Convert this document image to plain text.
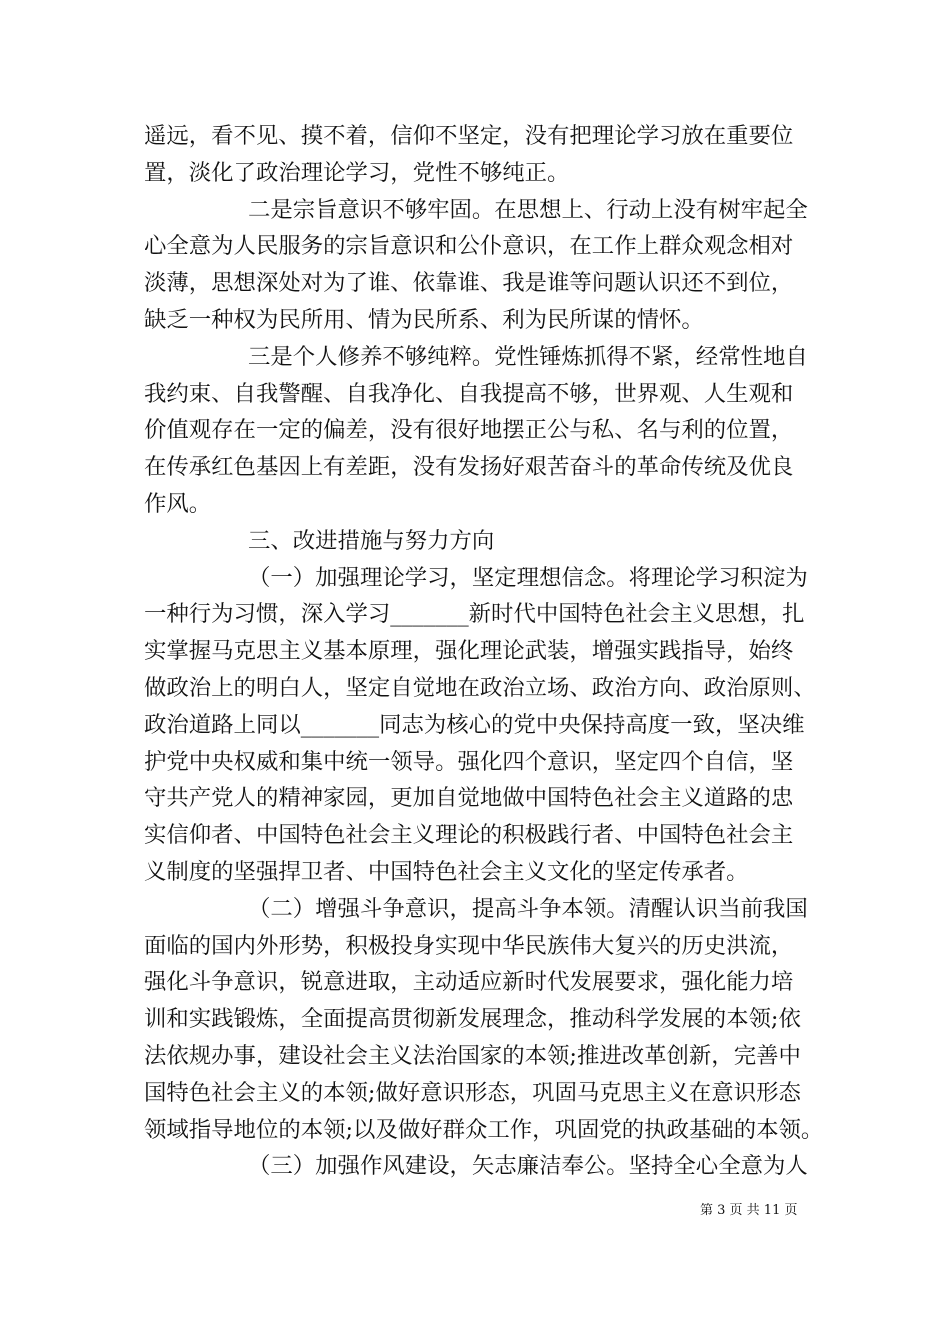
遥远，看不见、摸不着，信仰不坚定，没有把理论学习放在重要位
置，淡化了政治理论学习，党性不够纯正。
二是宗旨意识不够牢固。在思想上、行动上没有树牢起全
心全意为人民服务的宗旨意识和公仆意识，在工作上群众观念相对
淡薄，思想深处对为了谁、依靠谁、我是谁等问题认识还不到位，
缺乏一种权为民所用、情为民所系、利为民所谋的情怀。
三是个人修养不够纯粹。党性锤炼抓得不紧，经常性地自
我约束、自我警醒、自我净化、自我提高不够，世界观、人生观和
价值观存在一定的偏差，没有很好地摆正公与私、名与利的位置，
在传承红色基因上有差距，没有发扬好艰苦奋斗的革命传统及优良
作风。
三、改进措施与努力方向
（一）加强理论学习，坚定理想信念。将理论学习积淀为
一种行为习惯，深入学习_______新时代中国特色社会主义思想，扎
实掌握马克思主义基本原理，强化理论武装，增强实践指导，始终
做政治上的明白人，坚定自觉地在政治立场、政治方向、政治原则、
政治道路上同以_______同志为核心的党中央保持高度一致，坚决维
护党中央权威和集中统一领导。强化四个意识，坚定四个自信，坚
守共产党人的精神家园，更加自觉地做中国特色社会主义道路的忠
实信仰者、中国特色社会主义理论的积极践行者、中国特色社会主
义制度的坚强捍卫者、中国特色社会主义文化的坚定传承者。
（二）增强斗争意识，提高斗争本领。清醒认识当前我国
面临的国内外形势，积极投身实现中华民族伟大复兴的历史洪流，
强化斗争意识，锐意进取，主动适应新时代发展要求，强化能力培
训和实践锻炼，全面提高贯彻新发展理念，推动科学发展的本领;依
法依规办事，建设社会主义法治国家的本领;推进改革创新，完善中
国特色社会主义的本领;做好意识形态，巩固马克思主义在意识形态
领域指导地位的本领;以及做好群众工作，巩固党的执政基础的本领。
（三）加强作风建设，矢志廉洁奉公。坚持全心全意为人
第 3 页 共 11 页
